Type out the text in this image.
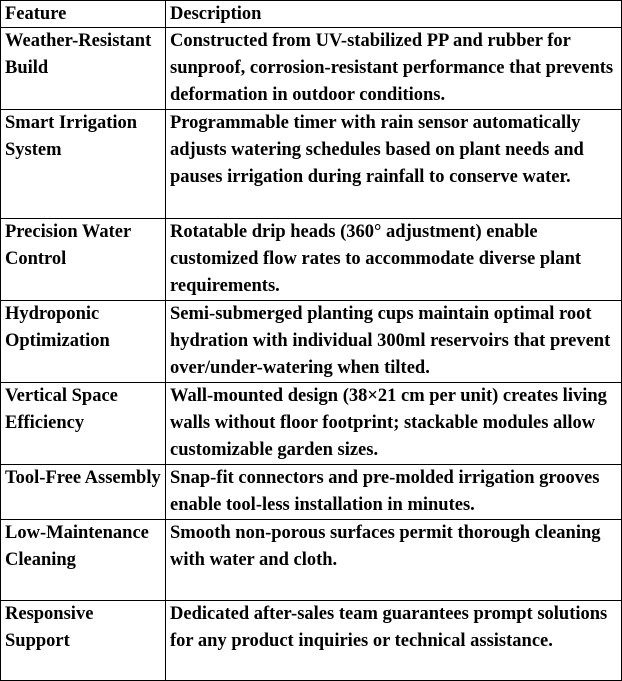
Feature	Description
Weather-Resistant Build	Constructed from UV-stabilized PP and rubber for sunproof, corrosion-resistant performance that prevents deformation in outdoor conditions.
Smart Irrigation System	Programmable timer with rain sensor automatically adjusts watering schedules based on plant needs and pauses irrigation during rainfall to conserve water.
Precision Water Control	Rotatable drip heads (360° adjustment) enable customized flow rates to accommodate diverse plant requirements.
Hydroponic Optimization	Semi-submerged planting cups maintain optimal root hydration with individual 300ml reservoirs that prevent over/under-watering when tilted.
Vertical Space Efficiency	Wall-mounted design (38×21 cm per unit) creates living walls without floor footprint; stackable modules allow customizable garden sizes.
Tool-Free Assembly	Snap-fit connectors and pre-molded irrigation grooves enable tool-less installation in minutes.
Low-Maintenance Cleaning	Smooth non-porous surfaces permit thorough cleaning with water and cloth.
Responsive Support	Dedicated after-sales team guarantees prompt solutions for any product inquiries or technical assistance.
